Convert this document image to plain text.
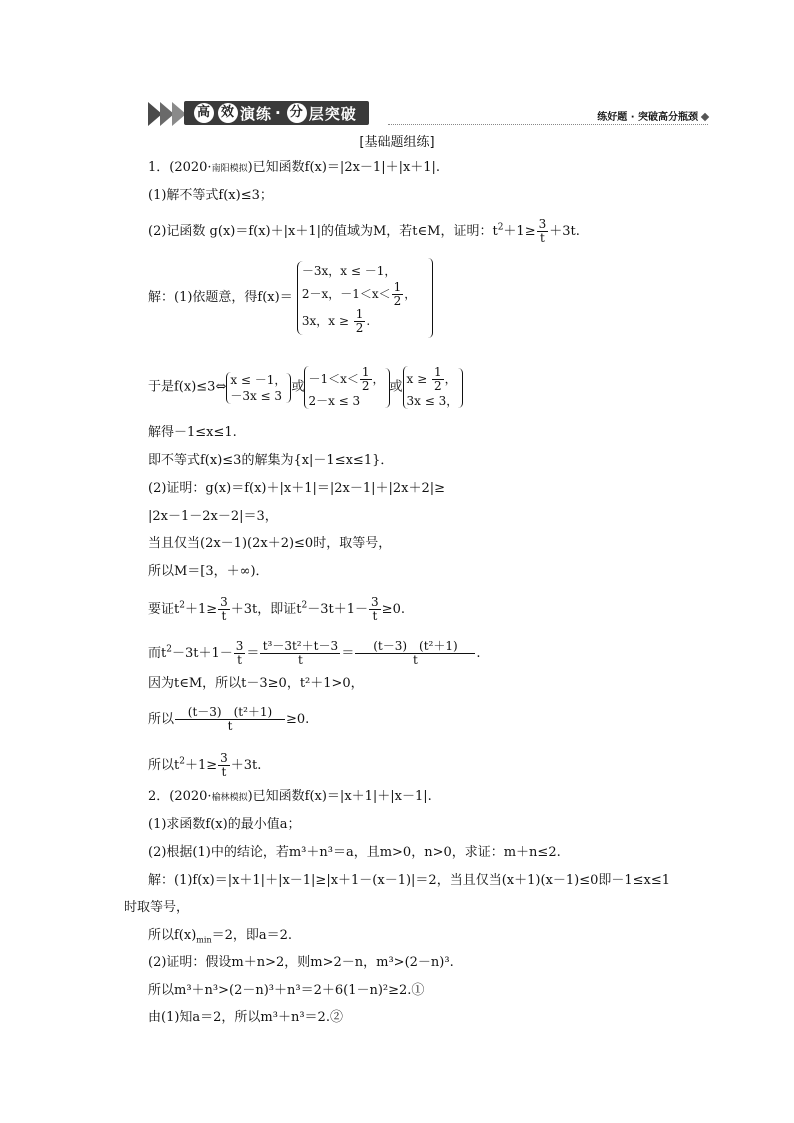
高 效 演练 · 分 层突破	练好题 · 突破高分瓶颈
[基础题组练]
1．(2020·南阳模拟)已知函数f(x)＝|2x－1|＋|x＋1|.
(1)解不等式f(x)≤3；
(2)记函数 g(x)＝f(x)＋|x＋1|的值域为M，若t∈M，证明：$t^2+1\ge \frac{3}{t} +3t$.
解：(1)依题意，得f(x)＝
－3x，x ≤ －1，
2－x，$-1<x< \frac{1}{2}$ ，
3x，$x \ge \frac{1}{2}$ .

于是f(x)≤3⇔ x ≤ －1，
－3x ≤ 3
或
$-1<x< \frac{1}{2}$ ，
2－x ≤ 3
或
$x \ge \frac{1}{2}$ ，
3x ≤ 3，
解得－1≤x≤1.
即不等式f(x)≤3的解集为{x|－1≤x≤1}．
(2)证明：g(x)＝f(x)＋|x＋1|＝|2x－1|＋|2x＋2|≥
|2x－1－2x－2|＝3，
当且仅当(2x－1)(2x＋2)≤0时，取等号，
所以M＝[3，＋∞)．
要证$t^2+1\ge \frac{3}{t} +3t$，即证$t^2-3t+1- \frac{3}{t} \ge 0$.
而$t^2-3t+1- \frac{3}{t} = \frac{\text{t³－3t²＋t－3}}{t} = \frac{\text{(t－3)　(t²＋1)}}{t}$ .
因为t∈M，所以t－3≥0，t²＋1>0，
所以 $\frac{\text{(t－3)　(t²＋1)}}{t} \ge 0$.
所以$t^2+1\ge \frac{3}{t} +3t$.
2．(2020·榆林模拟)已知函数f(x)＝|x＋1|＋|x－1|.
(1)求函数f(x)的最小值a；
(2)根据(1)中的结论，若m³＋n³＝a，且m>0，n>0，求证：m＋n≤2.
解：(1)f(x)＝|x＋1|＋|x－1|≥|x＋1－(x－1)|＝2，当且仅当(x＋1)(x－1)≤0即－1≤x≤1
时取等号，
所以$f(x)_{min}=2$，即a＝2.
(2)证明：假设m＋n>2，则m>2－n，m³>(2－n)³.
所以m³＋n³>(2－n)³＋n³＝2＋6(1－n)²≥2.①
由(1)知a＝2，所以m³＋n³＝2.②
